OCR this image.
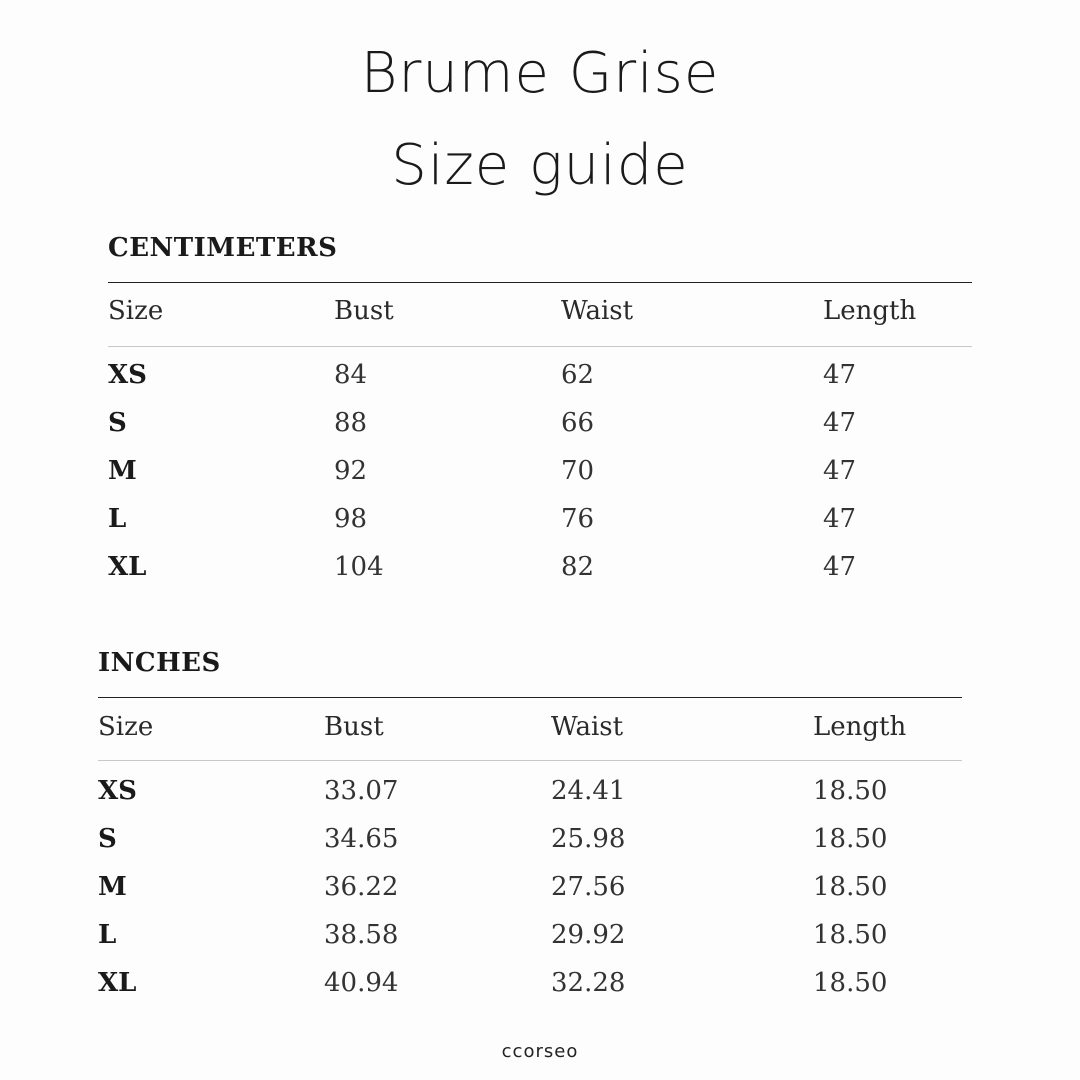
Brume Grise
Size guide
CENTIMETERS
Size	Bust	Waist	Length
XS	84	62	47
S	88	66	47
M	92	70	47
L	98	76	47
XL	104	82	47
INCHES
Size	Bust	Waist	Length
XS	33.07	24.41	18.50
S	34.65	25.98	18.50
M	36.22	27.56	18.50
L	38.58	29.92	18.50
XL	40.94	32.28	18.50
ccorseo
